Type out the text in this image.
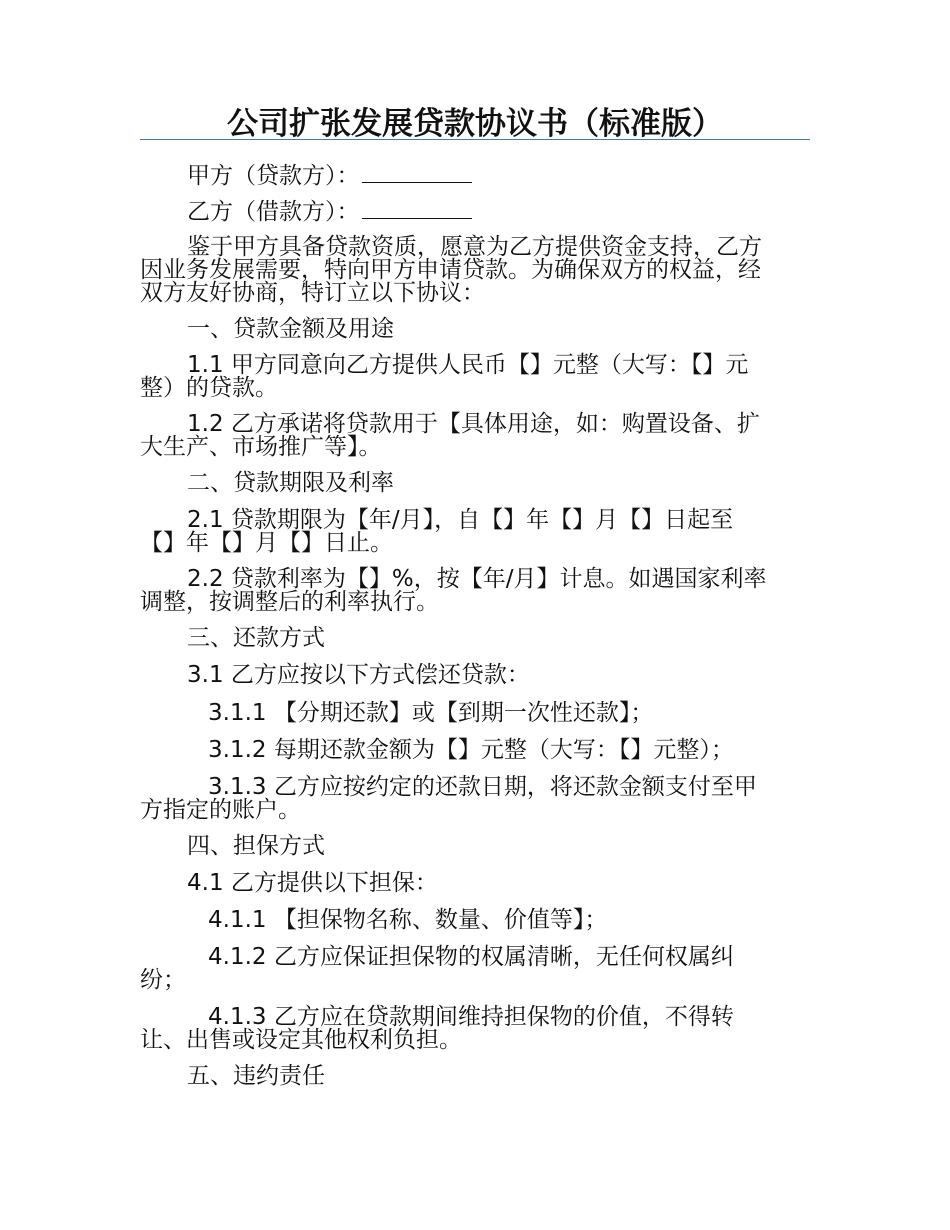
公司扩张发展贷款协议书（标准版）
甲方（贷款方）：
乙方（借款方）：
鉴于甲方具备贷款资质，愿意为乙方提供资金支持，乙方
因业务发展需要，特向甲方申请贷款。为确保双方的权益，经
双方友好协商，特订立以下协议：
一、贷款金额及用途
1.1 甲方同意向乙方提供人民币【】元整（大写：【】元
整）的贷款。
1.2 乙方承诺将贷款用于【具体用途，如：购置设备、扩
大生产、市场推广等】。
二、贷款期限及利率
2.1 贷款期限为【年/月】，自【】年【】月【】日起至
【】年【】月【】日止。
2.2 贷款利率为【】%，按【年/月】计息。如遇国家利率
调整，按调整后的利率执行。
三、还款方式
3.1 乙方应按以下方式偿还贷款：
3.1.1 【分期还款】或【到期一次性还款】；
3.1.2 每期还款金额为【】元整（大写：【】元整）；
3.1.3 乙方应按约定的还款日期，将还款金额支付至甲
方指定的账户。
四、担保方式
4.1 乙方提供以下担保：
4.1.1 【担保物名称、数量、价值等】；
4.1.2 乙方应保证担保物的权属清晰，无任何权属纠
纷；
4.1.3 乙方应在贷款期间维持担保物的价值，不得转
让、出售或设定其他权利负担。
五、违约责任
